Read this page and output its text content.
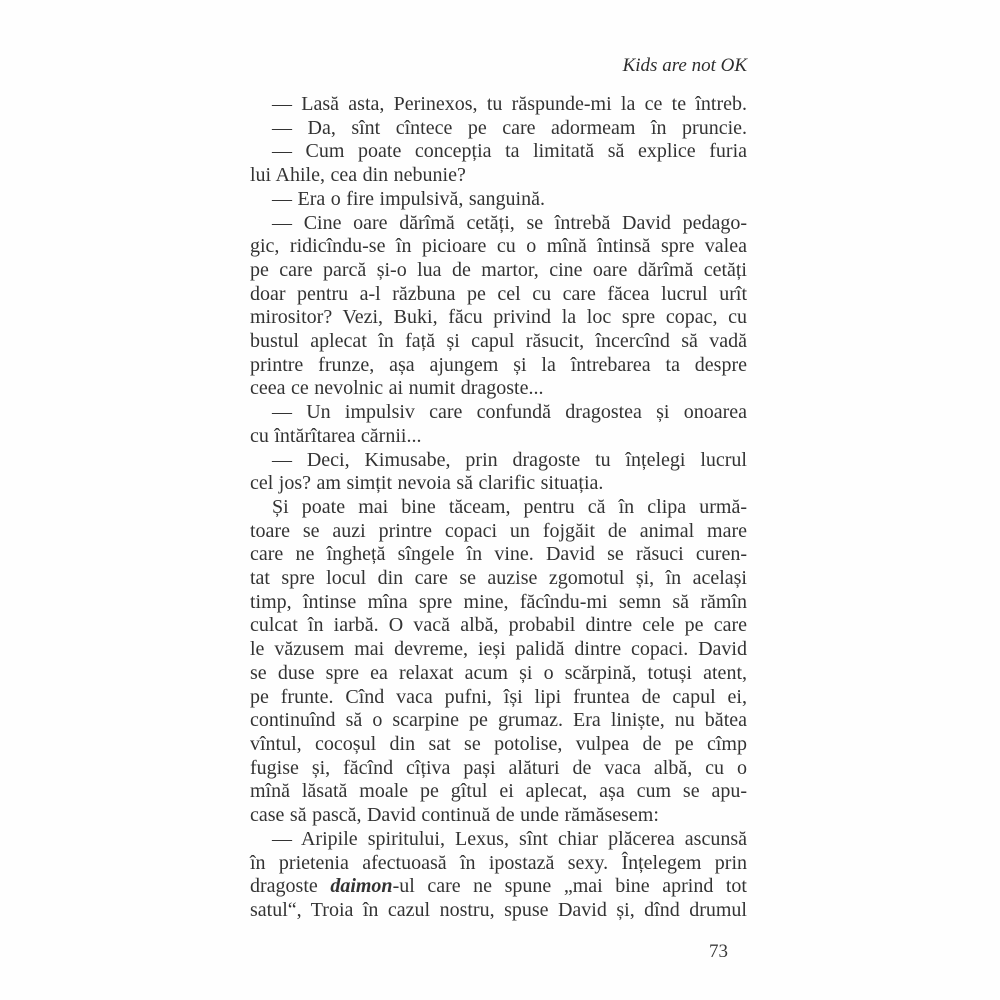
Kids are not OK
— Lasă asta, Perinexos, tu răspunde-mi la ce te întreb.
— Da, sînt cîntece pe care adormeam în pruncie.
— Cum poate concepția ta limitată să explice furia
lui Ahile, cea din nebunie?
— Era o fire impulsivă, sanguină.
— Cine oare dărîmă cetăți, se întrebă David pedago-
gic, ridicîndu-se în picioare cu o mînă întinsă spre valea
pe care parcă și-o lua de martor, cine oare dărîmă cetăți
doar pentru a-l răzbuna pe cel cu care făcea lucrul urît
mirositor? Vezi, Buki, făcu privind la loc spre copac, cu
bustul aplecat în față și capul răsucit, încercînd să vadă
printre frunze, așa ajungem și la întrebarea ta despre
ceea ce nevolnic ai numit dragoste...
— Un impulsiv care confundă dragostea și onoarea
cu întărîtarea cărnii...
— Deci, Kimusabe, prin dragoste tu înțelegi lucrul
cel jos? am simțit nevoia să clarific situația.
Și poate mai bine tăceam, pentru că în clipa urmă-
toare se auzi printre copaci un fojgăit de animal mare
care ne îngheță sîngele în vine. David se răsuci curen-
tat spre locul din care se auzise zgomotul și, în același
timp, întinse mîna spre mine, făcîndu-mi semn să rămîn
culcat în iarbă. O vacă albă, probabil dintre cele pe care
le văzusem mai devreme, ieși palidă dintre copaci. David
se duse spre ea relaxat acum și o scărpină, totuși atent,
pe frunte. Cînd vaca pufni, își lipi fruntea de capul ei,
continuînd să o scarpine pe grumaz. Era liniște, nu bătea
vîntul, cocoșul din sat se potolise, vulpea de pe cîmp
fugise și, făcînd cîțiva pași alături de vaca albă, cu o
mînă lăsată moale pe gîtul ei aplecat, așa cum se apu-
case să pască, David continuă de unde rămăsesem:
— Aripile spiritului, Lexus, sînt chiar plăcerea ascunsă
în prietenia afectuoasă în ipostază sexy. Înțelegem prin
dragoste daimon-ul care ne spune „mai bine aprind tot
satul“, Troia în cazul nostru, spuse David și, dînd drumul
73
